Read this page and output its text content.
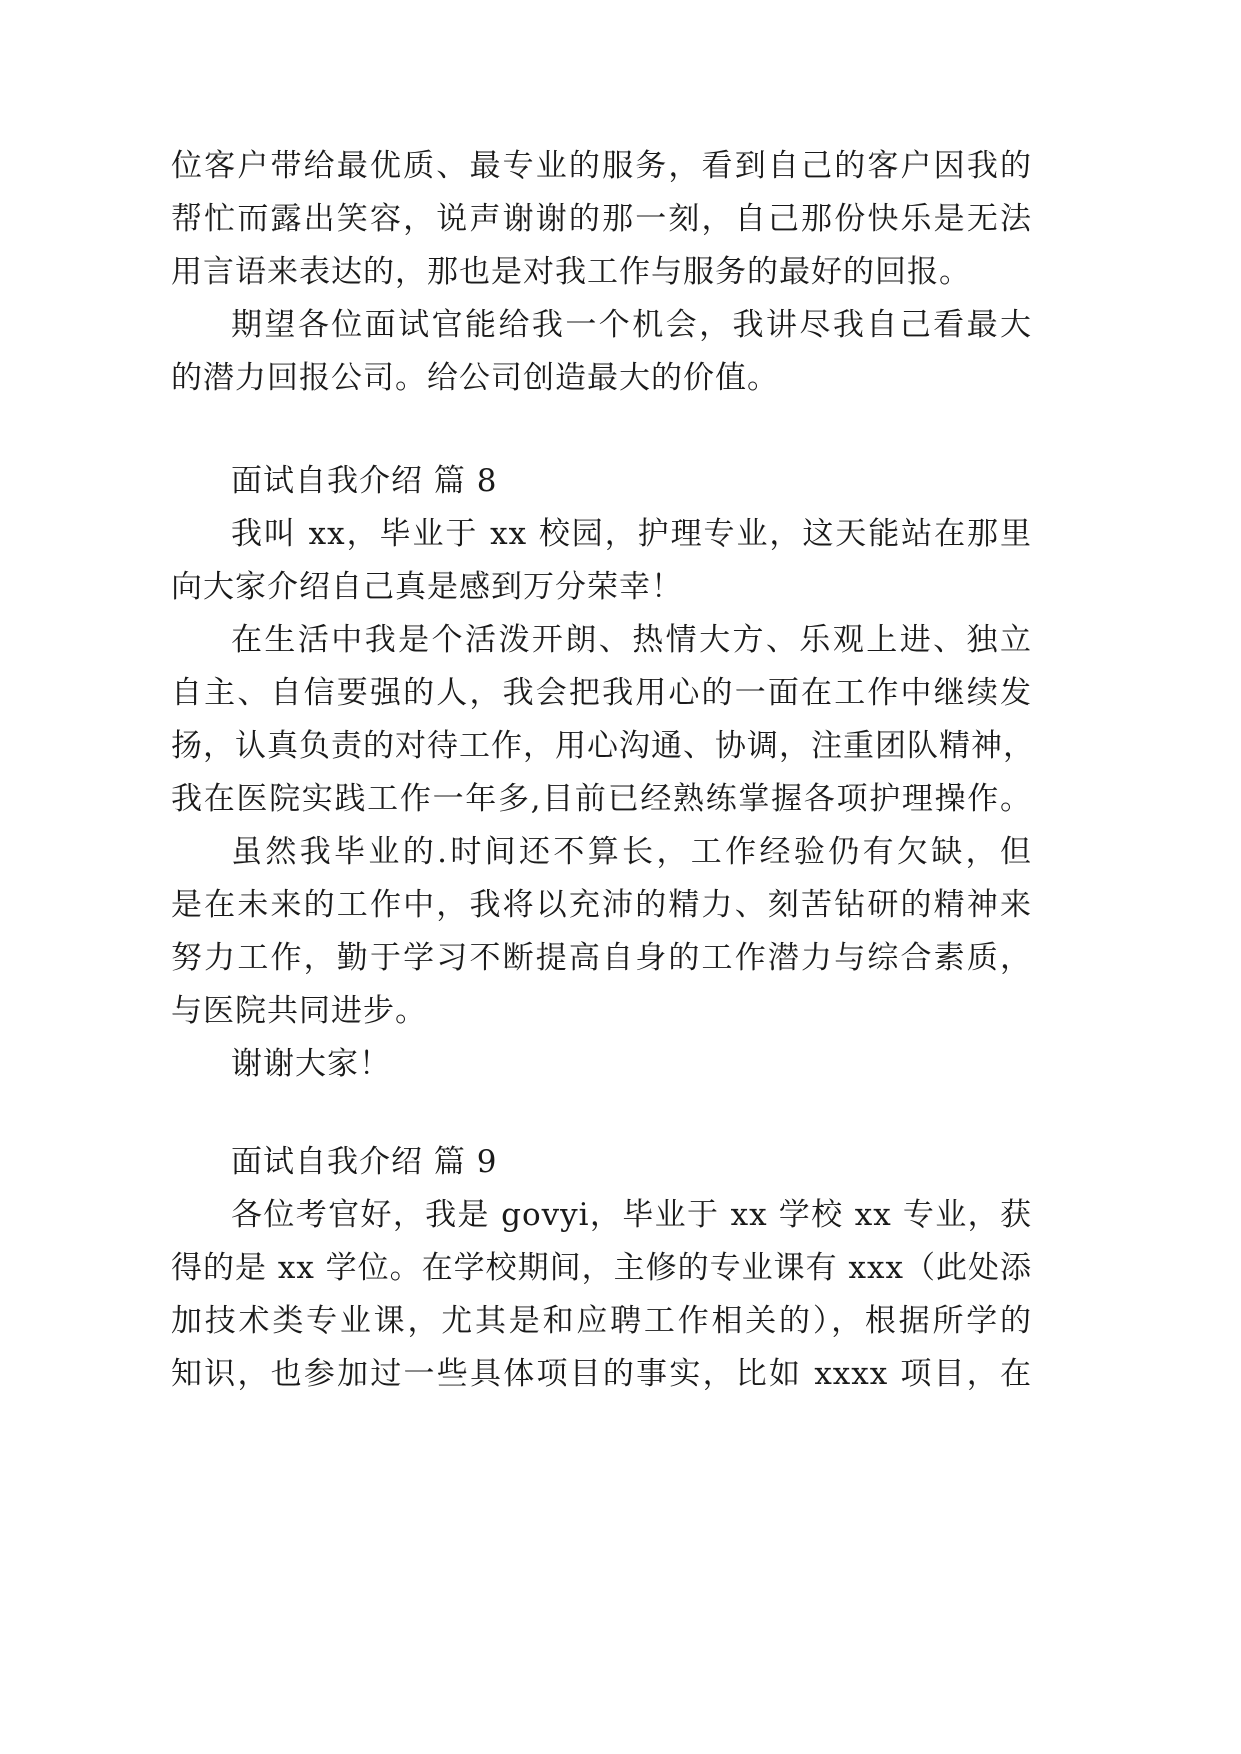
位客户带给最优质、最专业的服务，看到自己的客户因我的

帮忙而露出笑容，说声谢谢的那一刻，自己那份快乐是无法

用言语来表达的，那也是对我工作与服务的最好的回报。

期望各位面试官能给我一个机会，我讲尽我自己看最大

的潜力回报公司。给公司创造最大的价值。

面试自我介绍 篇 8

我叫 xx，毕业于 xx 校园，护理专业，这天能站在那里

向大家介绍自己真是感到万分荣幸！

在生活中我是个活泼开朗、热情大方、乐观上进、独立

自主、自信要强的人，我会把我用心的一面在工作中继续发

扬，认真负责的对待工作，用心沟通、协调，注重团队精神，

我在医院实践工作一年多,目前已经熟练掌握各项护理操作。

虽然我毕业的.时间还不算长，工作经验仍有欠缺，但

是在未来的工作中，我将以充沛的精力、刻苦钻研的精神来

努力工作，勤于学习不断提高自身的工作潜力与综合素质，

与医院共同进步。

谢谢大家！

面试自我介绍 篇 9

各位考官好，我是 govyi，毕业于 xx 学校 xx 专业，获

得的是 xx 学位。在学校期间，主修的专业课有 xxx（此处添

加技术类专业课，尤其是和应聘工作相关的），根据所学的

知识，也参加过一些具体项目的事实，比如 xxxx 项目，在
